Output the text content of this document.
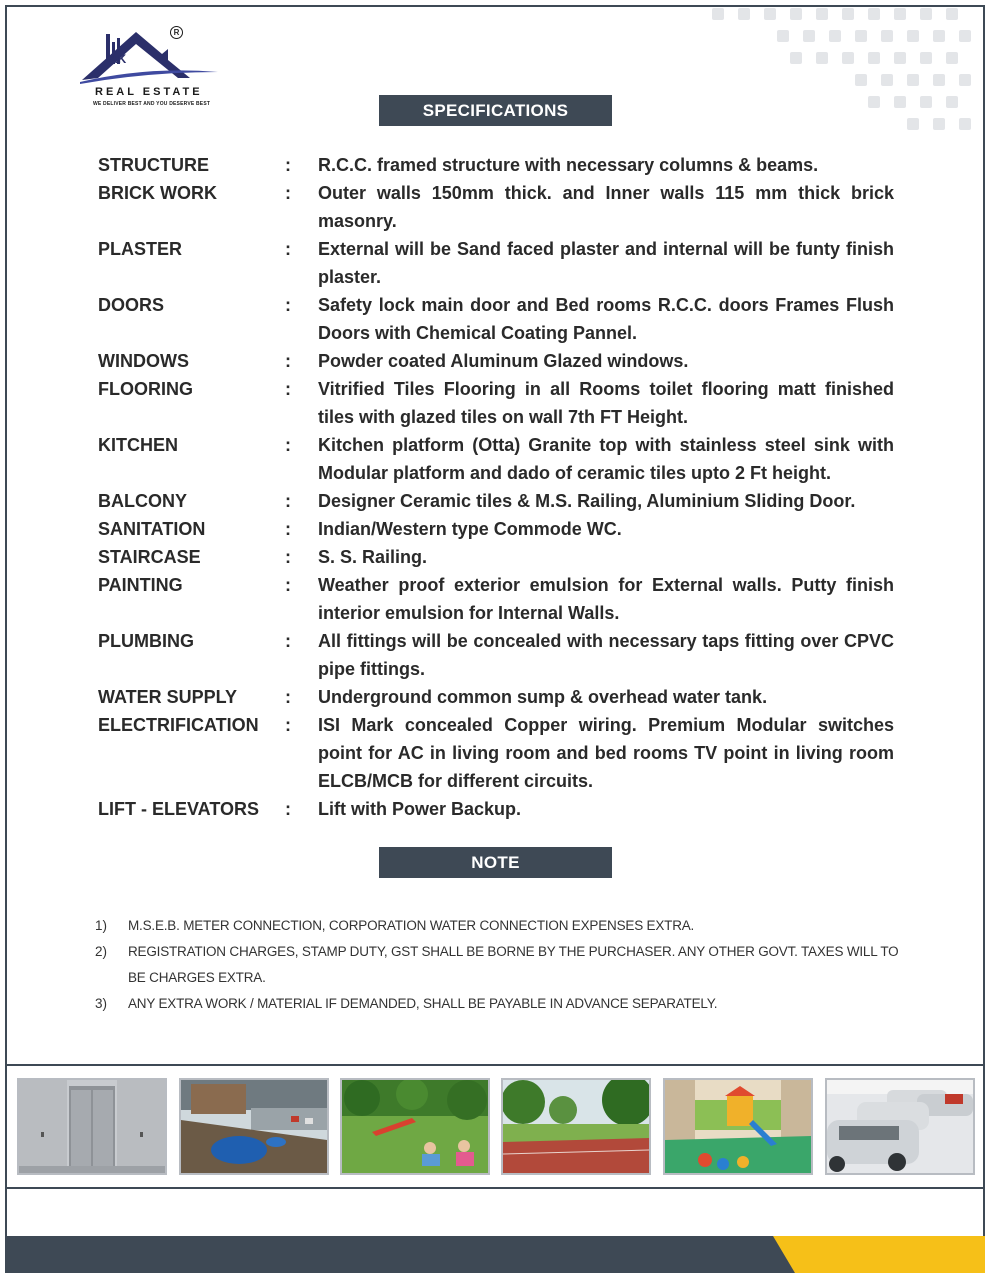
AK
R
REAL ESTATE
WE DELIVER BEST AND YOU DESERVE BEST	SPECIFICATIONS
STRUCTURE	: R.C.C. framed structure with necessary columns & beams.
BRICK WORK	: Outer walls 150mm thick. and Inner walls 115 mm thick brick masonry.
PLASTER	: External will be Sand faced plaster and internal will be funty finish plaster.
DOORS	: Safety lock main door and Bed rooms R.C.C. doors Frames Flush Doors with Chemical Coating Pannel.
WINDOWS	: Powder coated Aluminum Glazed windows.
FLOORING	: Vitrified Tiles Flooring in all Rooms toilet flooring matt finished tiles with glazed tiles on wall 7th FT Height.
KITCHEN	: Kitchen platform (Otta) Granite top with stainless steel sink with Modular platform and dado of ceramic tiles upto 2 Ft height.
BALCONY	: Designer Ceramic tiles & M.S. Railing, Aluminium Sliding Door.
SANITATION	: Indian/Western type Commode WC.
STAIRCASE	: S. S. Railing.
PAINTING	: Weather proof exterior emulsion for External walls. Putty finish interior emulsion for Internal Walls.
PLUMBING	: All fittings will be concealed with necessary taps fitting over CPVC pipe fittings.
WATER SUPPLY	: Underground common sump & overhead water tank.
ELECTRIFICATION : ISI Mark concealed Copper wiring. Premium Modular switches point for AC in living room and bed rooms TV point in living room ELCB/MCB for different circuits.
LIFT - ELEVATORS : Lift with Power Backup.
NOTE
1) M.S.E.B. METER CONNECTION, CORPORATION WATER CONNECTION EXPENSES EXTRA.
2) REGISTRATION CHARGES, STAMP DUTY, GST SHALL BE BORNE BY THE PURCHASER. ANY OTHER GOVT. TAXES WILL TO BE CHARGES EXTRA.
3) ANY EXTRA WORK / MATERIAL IF DEMANDED, SHALL BE PAYABLE IN ADVANCE SEPARATELY.
